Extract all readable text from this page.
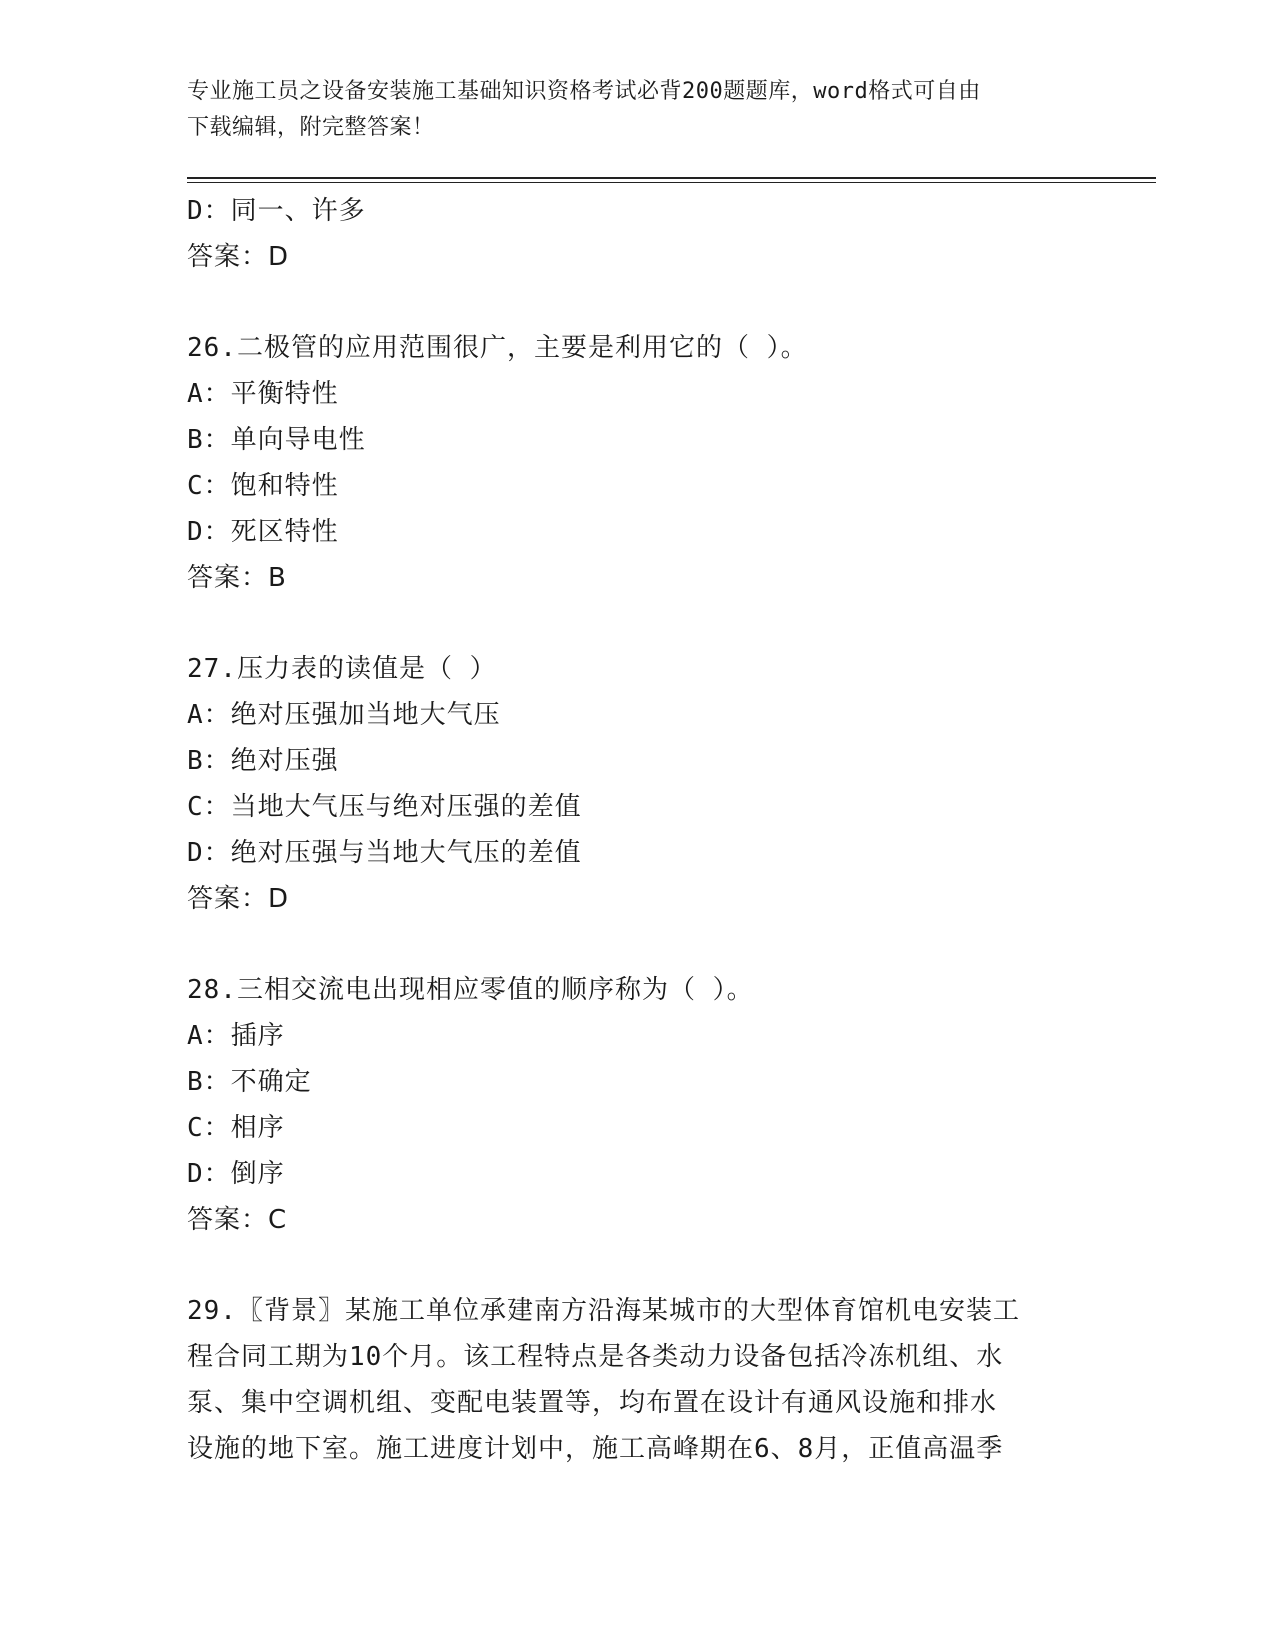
专业施工员之设备安装施工基础知识资格考试必背200题题库，word格式可自由
下载编辑，附完整答案！
D：同一、许多
答案：D
26.二极管的应用范围很广，主要是利用它的（ ）。
A：平衡特性
B：单向导电性
C：饱和特性
D：死区特性
答案：B
27.压力表的读值是（ ）
A：绝对压强加当地大气压
B：绝对压强
C：当地大气压与绝对压强的差值
D：绝对压强与当地大气压的差值
答案：D
28.三相交流电出现相应零值的顺序称为（ ）。
A：插序
B：不确定
C：相序
D：倒序
答案：C
29.〖背景〗某施工单位承建南方沿海某城市的大型体育馆机电安装工
程合同工期为10个月。该工程特点是各类动力设备包括冷冻机组、水
泵、集中空调机组、变配电装置等，均布置在设计有通风设施和排水
设施的地下室。施工进度计划中，施工高峰期在6、8月，正值高温季
